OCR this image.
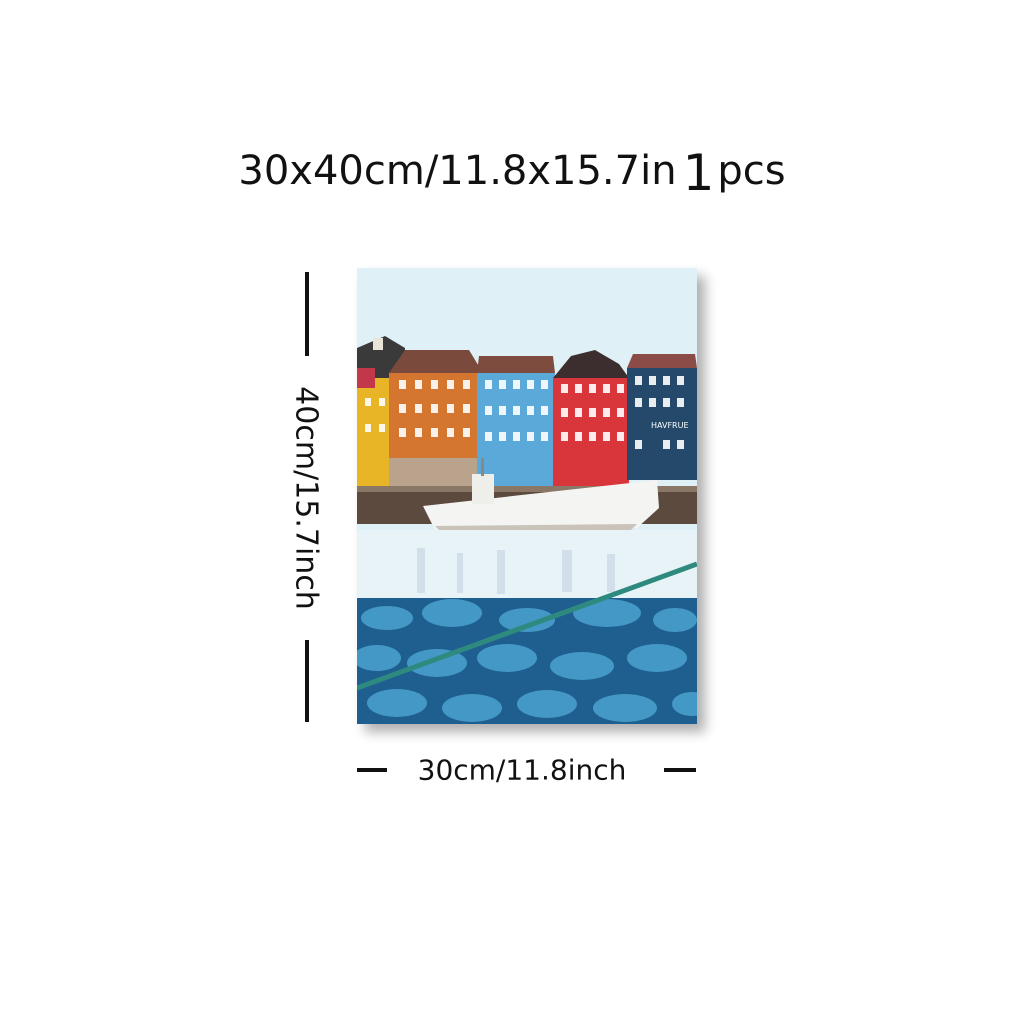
30x40cm/11.8x15.7in 1pcs
40cm/15.7inch
30cm/11.8inch
HAVFRUE
